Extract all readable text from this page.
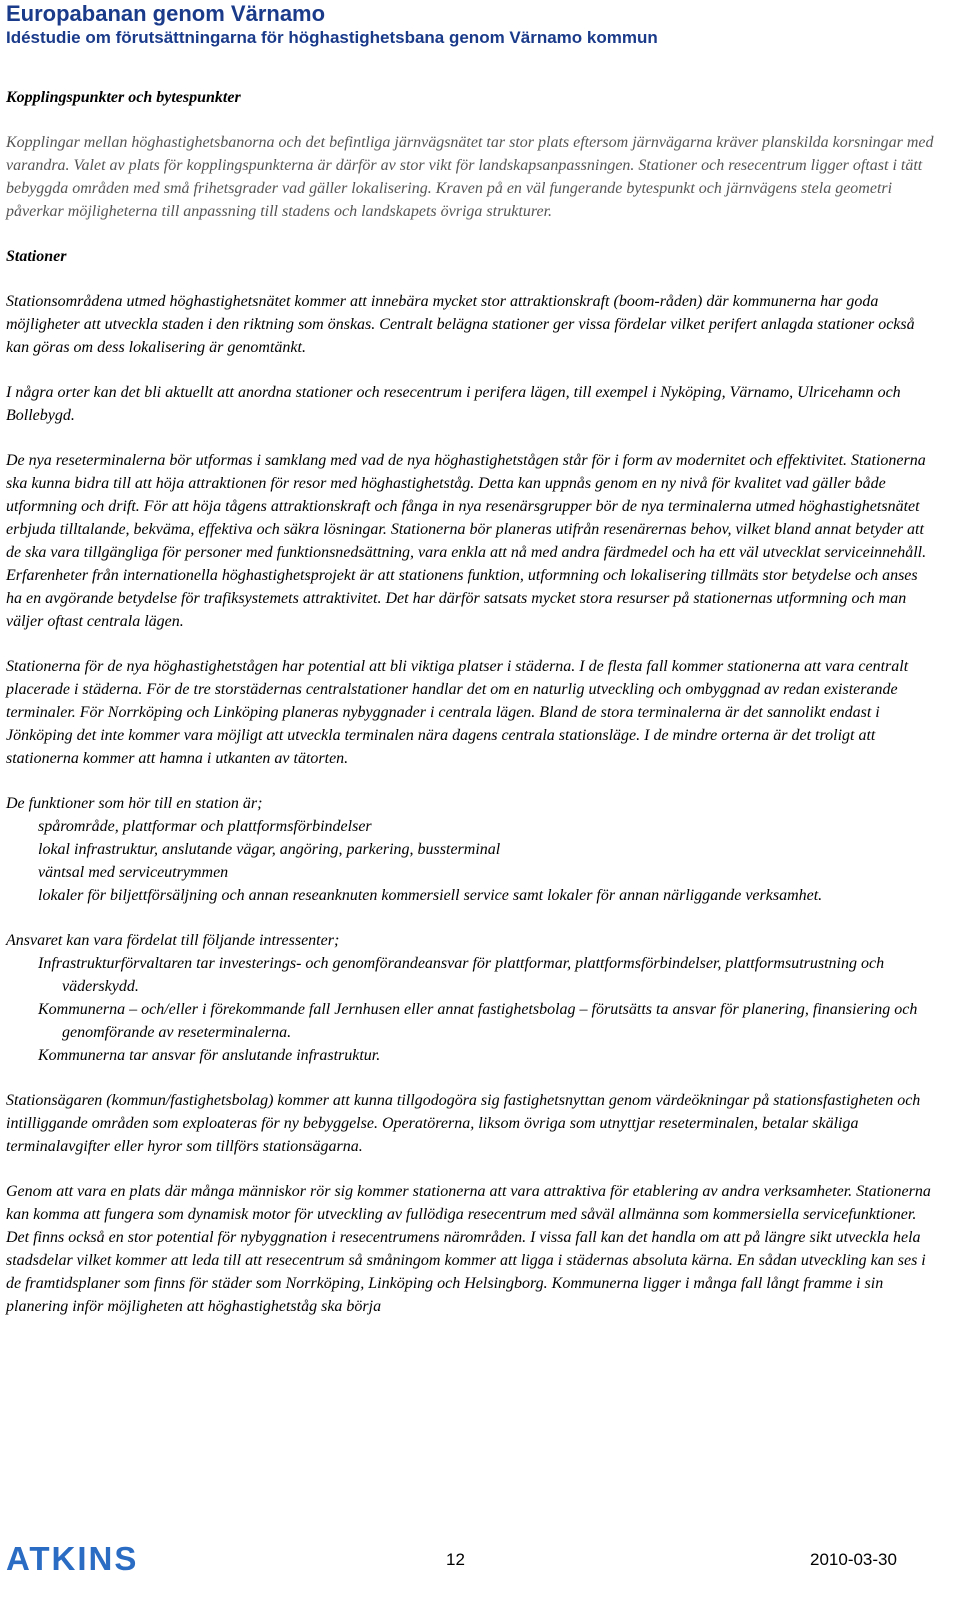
Europabanan genom Värnamo
Idéstudie om förutsättningarna för höghastighetsbana genom Värnamo kommun
Kopplingspunkter och bytespunkter

Kopplingar mellan höghastighetsbanorna och det befintliga järnvägsnätet tar stor plats eftersom järnvägarna kräver planskilda korsningar med varandra. Valet av plats för kopplingspunkterna är därför av stor vikt för landskapsanpassningen. Stationer och resecentrum ligger oftast i tätt bebyggda områden med små frihetsgrader vad gäller lokalisering. Kraven på en väl fungerande bytespunkt och järnvägens stela geometri påverkar möjligheterna till anpassning till stadens och landskapets övriga strukturer.

Stationer

Stationsområdena utmed höghastighetsnätet kommer att innebära mycket stor attraktionskraft (boom-råden) där kommunerna har goda möjligheter att utveckla staden i den riktning som önskas. Centralt belägna stationer ger vissa fördelar vilket perifert anlagda stationer också kan göras om dess lokalisering är genomtänkt.

I några orter kan det bli aktuellt att anordna stationer och resecentrum i perifera lägen, till exempel i Nyköping, Värnamo, Ulricehamn och Bollebygd.

De nya reseterminalerna bör utformas i samklang med vad de nya höghastighetstågen står för i form av modernitet och effektivitet. Stationerna ska kunna bidra till att höja attraktionen för resor med höghastighetståg. Detta kan uppnås genom en ny nivå för kvalitet vad gäller både utformning och drift. För att höja tågens attraktionskraft och fånga in nya resenärsgrupper bör de nya terminalerna utmed höghastighetsnätet erbjuda tilltalande, bekväma, effektiva och säkra lösningar. Stationerna bör planeras utifrån resenärernas behov, vilket bland annat betyder att de ska vara tillgängliga för personer med funktionsnedsättning, vara enkla att nå med andra färdmedel och ha ett väl utvecklat serviceinnehåll. Erfarenheter från internationella höghastighetsprojekt är att stationens funktion, utformning och lokalisering tillmäts stor betydelse och anses ha en avgörande betydelse för trafiksystemets attraktivitet. Det har därför satsats mycket stora resurser på stationernas utformning och man väljer oftast centrala lägen.

Stationerna för de nya höghastighetstågen har potential att bli viktiga platser i städerna. I de flesta fall kommer stationerna att vara centralt placerade i städerna. För de tre storstädernas centralstationer handlar det om en naturlig utveckling och ombyggnad av redan existerande terminaler. För Norrköping och Linköping planeras nybyggnader i centrala lägen. Bland de stora terminalerna är det sannolikt endast i Jönköping det inte kommer vara möjligt att utveckla terminalen nära dagens centrala stationsläge. I de mindre orterna är det troligt att stationerna kommer att hamna i utkanten av tätorten.

De funktioner som hör till en station är;

spårområde, plattformar och plattformsförbindelser
lokal infrastruktur, anslutande vägar, angöring, parkering, bussterminal
väntsal med serviceutrymmen
lokaler för biljettförsäljning och annan reseanknuten kommersiell service samt lokaler för annan närliggande verksamhet.

Ansvaret kan vara fördelat till följande intressenter;

Infrastrukturförvaltaren tar investerings- och genomförandeansvar för plattformar, plattformsförbindelser, plattformsutrustning och väderskydd.
Kommunerna – och/eller i förekommande fall Jernhusen eller annat fastighetsbolag – förutsätts ta ansvar för planering, finansiering och genomförande av reseterminalerna.
Kommunerna tar ansvar för anslutande infrastruktur.

Stationsägaren (kommun/fastighetsbolag) kommer att kunna tillgodogöra sig fastighetsnyttan genom värdeökningar på stationsfastigheten och intilliggande områden som exploateras för ny bebyggelse. Operatörerna, liksom övriga som utnyttjar reseterminalen, betalar skäliga terminalavgifter eller hyror som tillförs stationsägarna.

Genom att vara en plats där många människor rör sig kommer stationerna att vara attraktiva för etablering av andra verksamheter. Stationerna kan komma att fungera som dynamisk motor för utveckling av fullödiga resecentrum med såväl allmänna som kommersiella servicefunktioner. Det finns också en stor potential för nybyggnation i resecentrumens närområden. I vissa fall kan det handla om att på längre sikt utveckla hela stadsdelar vilket kommer att leda till att resecentrum så småningom kommer att ligga i städernas absoluta kärna. En sådan utveckling kan ses i de framtidsplaner som finns för städer som Norrköping, Linköping och Helsingborg. Kommunerna ligger i många fall långt framme i sin planering inför möjligheten att höghastighetståg ska börja

ATKINS	12	2010-03-30
